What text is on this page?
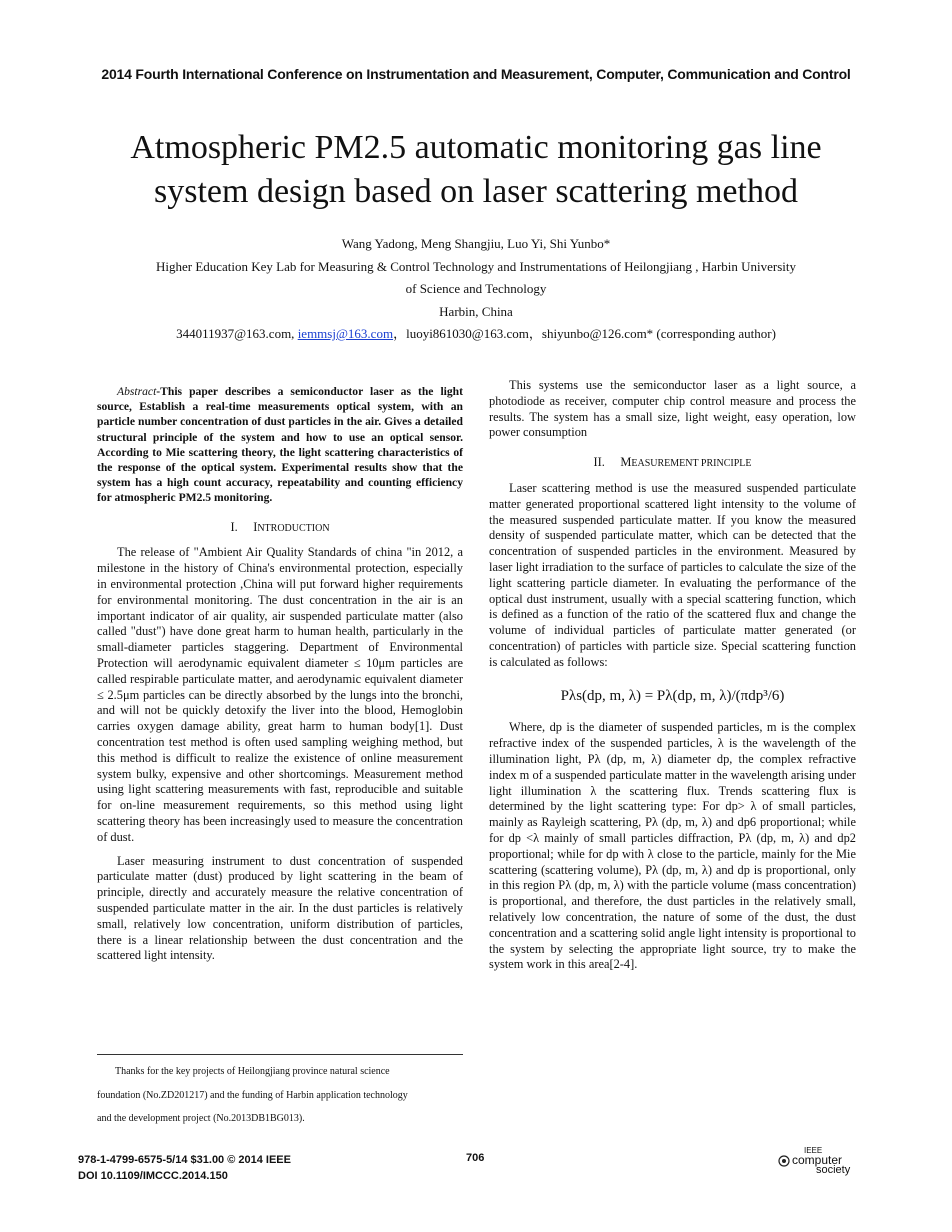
2014 Fourth International Conference on Instrumentation and Measurement, Computer, Communication and Control
Atmospheric PM2.5 automatic monitoring gas line
system design based on laser scattering method
Wang Yadong, Meng Shangjiu, Luo Yi, Shi Yunbo*
Higher Education Key Lab for Measuring & Control Technology and Instrumentations of Heilongjiang , Harbin University
of Science and Technology
Harbin, China
344011937@163.com, iemmsj@163.com，luoyi861030@163.com，shiyunbo@126.com* (corresponding author)

Abstract-This paper describes a semiconductor laser as the light source, Establish a real-time measurements optical system, with an particle number concentration of dust particles in the air. Gives a detailed structural principle of the system and how to use an optical sensor. According to Mie scattering theory, the light scattering characteristics of the response of the optical system. Experimental results show that the system has a high count accuracy, repeatability and counting efficiency for atmospheric PM2.5 monitoring.

I. INTRODUCTION

The release of "Ambient Air Quality Standards of china "in 2012, a milestone in the history of China's environmental protection, especially in environmental protection ,China will put forward higher requirements for environmental monitoring. The dust concentration in the air is an important indicator of air quality, air suspended particulate matter (also called "dust") have done great harm to human health, particularly in the small-diameter particles staggering. Department of Environmental Protection will aerodynamic equivalent diameter ≤ 10μm particles are called respirable particulate matter, and aerodynamic equivalent diameter ≤ 2.5μm particles can be directly absorbed by the lungs into the bronchi, and will not be quickly detoxify the liver into the blood, Hemoglobin carries oxygen damage ability, great harm to human body[1]. Dust concentration test method is often used sampling weighing method, but this method is difficult to realize the existence of online measurement system bulky, expensive and other shortcomings. Measurement method using light scattering measurements with fast, reproducible and suitable for on-line measurement requirements, so this method using light scattering theory has been increasingly used to measure the concentration of dust.

Laser measuring instrument to dust concentration of suspended particulate matter (dust) produced by light scattering in the beam of principle, directly and accurately measure the relative concentration of suspended particulate matter in the air. In the dust particles is relatively small, relatively low concentration, uniform distribution of particles, there is a linear relationship between the dust concentration and the scattered light intensity.

Thanks for the key projects of Heilongjiang province natural science
foundation (No.ZD201217) and the funding of Harbin application technology
and the development project (No.2013DB1BG013).

This systems use the semiconductor laser as a light source, a photodiode as receiver, computer chip control measure and process the results. The system has a small size, light weight, easy operation, low power consumption

II. MEASUREMENT PRINCIPLE

Laser scattering method is use the measured suspended particulate matter generated proportional scattered light intensity to the volume of the measured suspended particulate matter. If you know the measured density of suspended particulate matter, which can be detected that the concentration of suspended particles in the environment. Measured by laser light irradiation to the surface of particles to calculate the size of the light scattering particle diameter. In evaluating the performance of the optical dust instrument, usually with a special scattering function, which is defined as a function of the ratio of the scattered flux and change the volume of individual particles of particulate matter generated (or concentration) of particles with particle size. Special scattering function is calculated as follows:

Pλs(dp, m, λ) = Pλ(dp, m, λ)/(πdp³/6)

Where, dp is the diameter of suspended particles, m is the complex refractive index of the suspended particles, λ is the wavelength of the illumination light, Pλ (dp, m, λ) diameter dp, the complex refractive index m of a suspended particulate matter in the wavelength arising under light illumination λ the scattering flux. Trends scattering flux is determined by the light scattering type: For dp> λ of small particles, mainly as Rayleigh scattering, Pλ (dp, m, λ) and dp6 proportional; while for dp <λ mainly of small particles diffraction, Pλ (dp, m, λ) and dp2 proportional; while for dp with λ close to the particle, mainly for the Mie scattering (scattering volume), Pλ (dp, m, λ) and dp is proportional, only in this region Pλ (dp, m, λ) with the particle volume (mass concentration) is proportional, and therefore, the dust particles in the relatively small, relatively low concentration, the nature of some of the dust, the dust concentration and a scattering solid angle light intensity is proportional to the system by selecting the appropriate light source, try to make the system work in this area[2-4].

978-1-4799-6575-5/14 $31.00 © 2014 IEEE
DOI 10.1109/IMCCC.2014.150
706
IEEE
computer
society
